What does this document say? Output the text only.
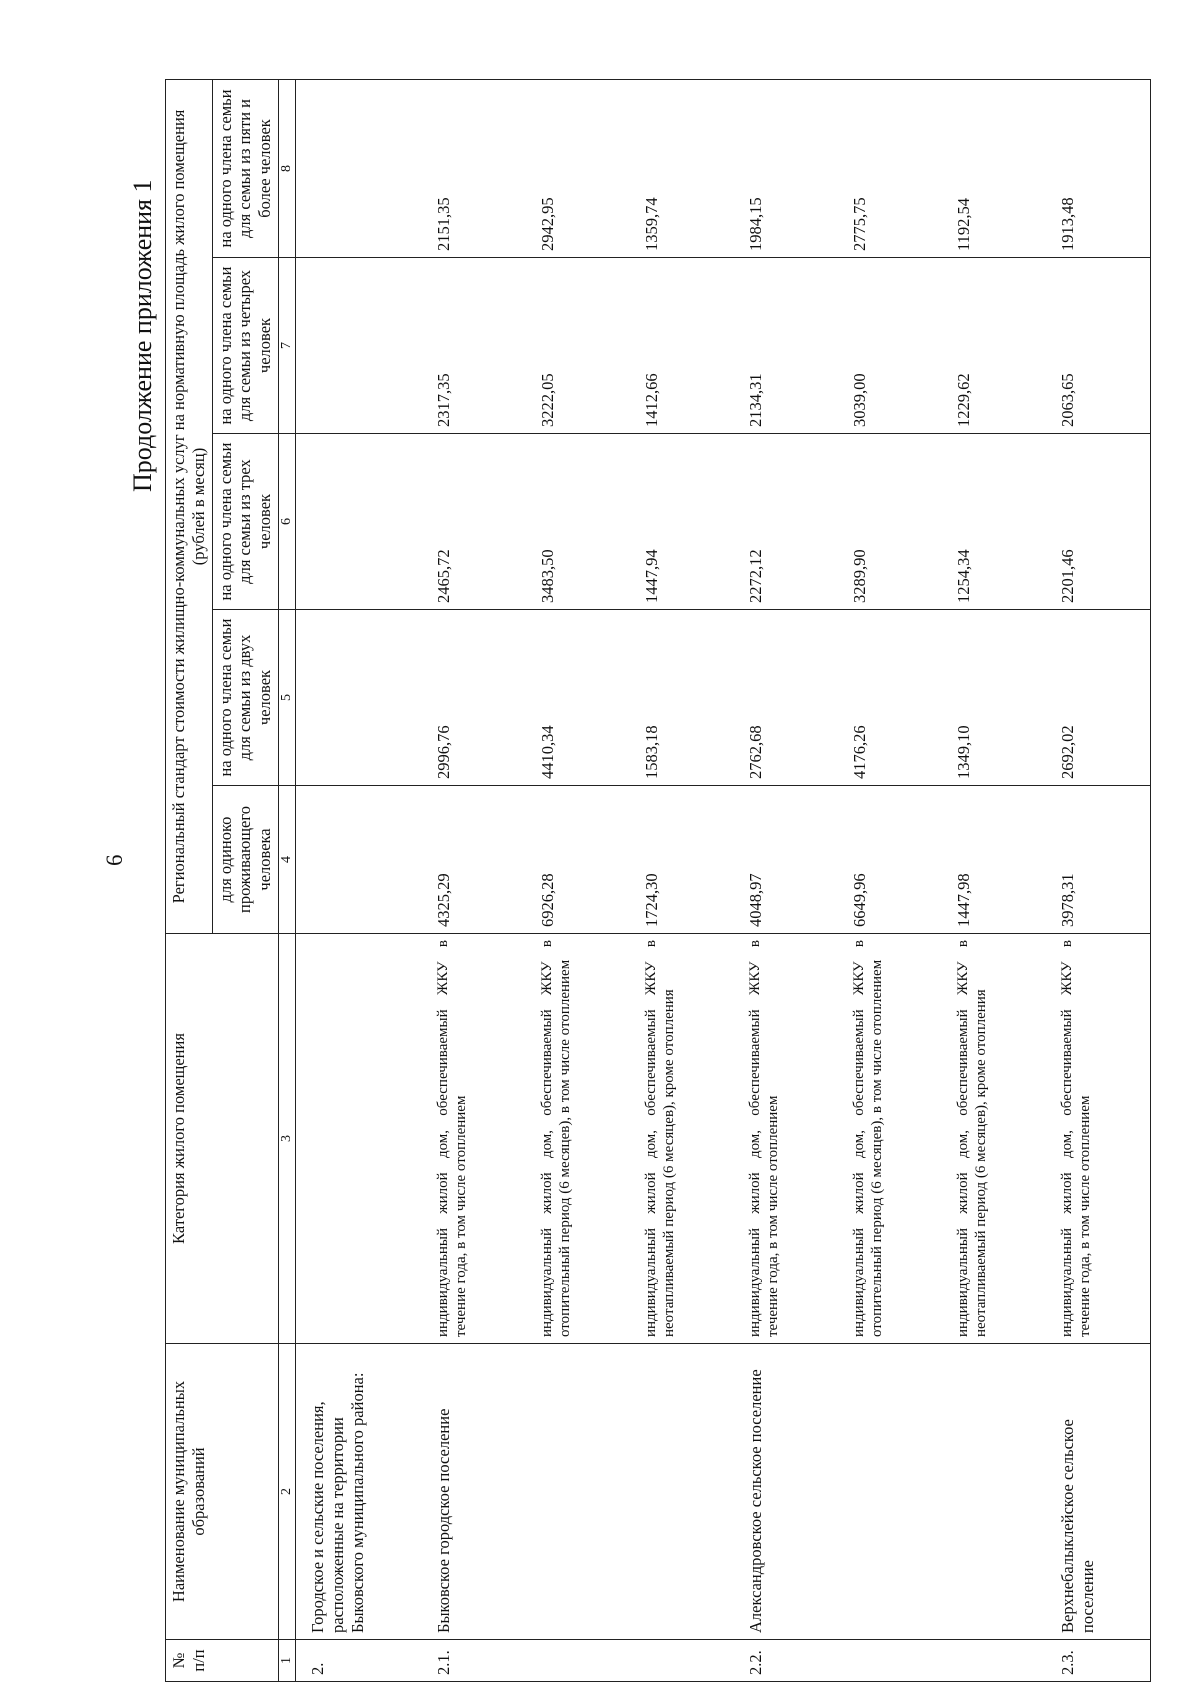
6
Продолжение приложения 1
№ п/п	Наименование муниципальных образований	Категория жилого помещения	Региональный стандарт стоимости жилищно-коммунальных услуг на нормативную площадь жилого помещения (рублей в месяц)				
			для одиноко проживающего человека	на одного члена семьи для семьи из двух человек	на одного члена семьи для семьи из трех человек	на одного члена семьи для семьи из четырех человек	на одного члена семьи для семьи из пяти и более человек
1	2	3	4	5	6	7	8
2.	Городское и сельские поселения, расположенные на территории Быковского муниципального района:						
2.1.	Быковское городское поселение	индивидуальный жилой дом, обеспечиваемый ЖКУ в течение года, в том числе отоплением	4325,29	2996,76	2465,72	2317,35	2151,35
		индивидуальный жилой дом, обеспечиваемый ЖКУ в отопительный период (6 месяцев), в том числе отоплением	6926,28	4410,34	3483,50	3222,05	2942,95
		индивидуальный жилой дом, обеспечиваемый ЖКУ в неотапливаемый период (6 месяцев), кроме отопления	1724,30	1583,18	1447,94	1412,66	1359,74
2.2.	Александровское сельское поселение	индивидуальный жилой дом, обеспечиваемый ЖКУ в течение года, в том числе отоплением	4048,97	2762,68	2272,12	2134,31	1984,15
		индивидуальный жилой дом, обеспечиваемый ЖКУ в отопительный период (6 месяцев), в том числе отоплением	6649,96	4176,26	3289,90	3039,00	2775,75
		индивидуальный жилой дом, обеспечиваемый ЖКУ в неотапливаемый период (6 месяцев), кроме отопления	1447,98	1349,10	1254,34	1229,62	1192,54
2.3.	Верхнебалыклейское сельское поселение	индивидуальный жилой дом, обеспечиваемый ЖКУ в течение года, в том числе отоплением	3978,31	2692,02	2201,46	2063,65	1913,48
